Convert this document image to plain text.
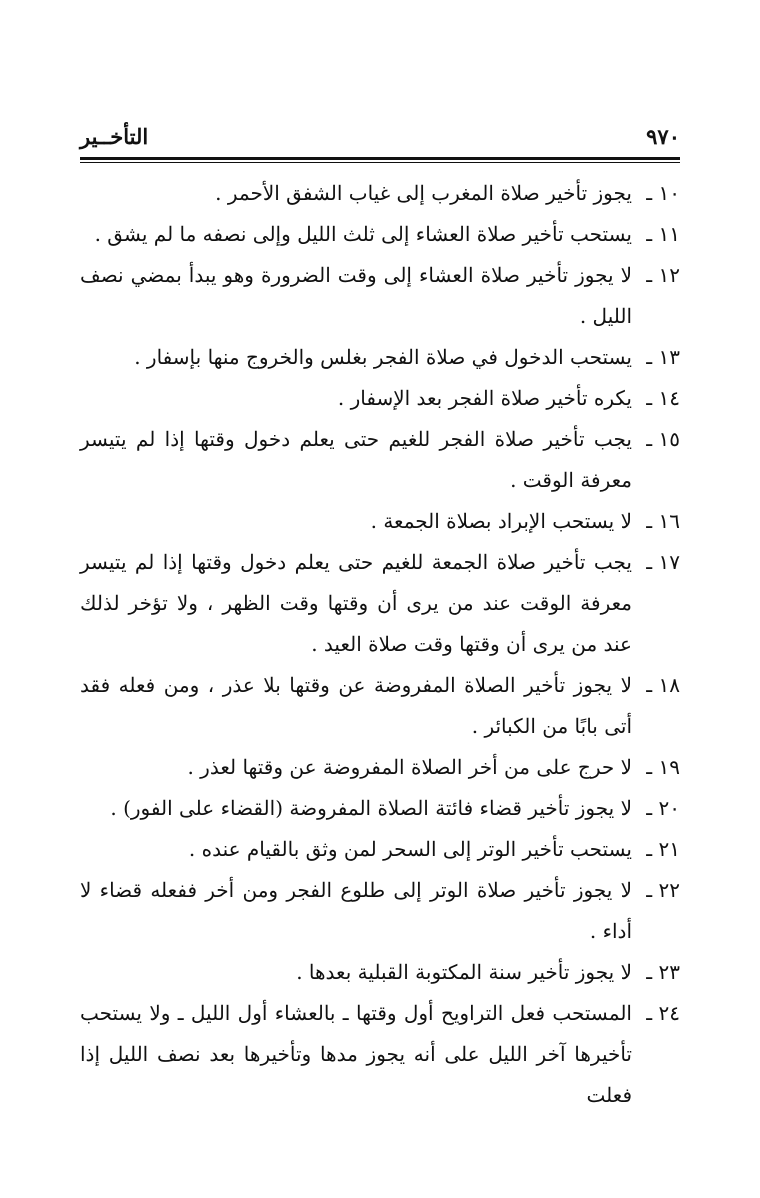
٩٧٠
التأخــير

١٠ ـ
يجوز تأخير صلاة المغرب إلى غياب الشفق الأحمر .

١١ ـ
يستحب تأخير صلاة العشاء إلى ثلث الليل وإلى نصفه ما لم يشق .

١٢ ـ
لا يجوز تأخير صلاة العشاء إلى وقت الضرورة وهو يبدأ بمضي نصف الليل .

١٣ ـ
يستحب الدخول في صلاة الفجر بغلس والخروج منها بإسفار .

١٤ ـ
يكره تأخير صلاة الفجر بعد الإسفار .

١٥ ـ
يجب تأخير صلاة الفجر للغيم حتى يعلم دخول وقتها إذا لم يتيسر معرفة الوقت .

١٦ ـ
لا يستحب الإبراد بصلاة الجمعة .

١٧ ـ
يجب تأخير صلاة الجمعة للغيم حتى يعلم دخول وقتها إذا لم يتيسر معرفة الوقت عند من يرى أن وقتها وقت الظهر ، ولا تؤخر لذلك عند من يرى أن وقتها وقت صلاة العيد .

١٨ ـ
لا يجوز تأخير الصلاة المفروضة عن وقتها بلا عذر ، ومن فعله فقد أتى بابًا من الكبائر .

١٩ ـ
لا حرج على من أخر الصلاة المفروضة عن وقتها لعذر .

٢٠ ـ
لا يجوز تأخير قضاء فائتة الصلاة المفروضة (القضاء على الفور) .

٢١ ـ
يستحب تأخير الوتر إلى السحر لمن وثق بالقيام عنده .

٢٢ ـ
لا يجوز تأخير صلاة الوتر إلى طلوع الفجر ومن أخر ففعله قضاء لا أداء .

٢٣ ـ
لا يجوز تأخير سنة المكتوبة القبلية بعدها .

٢٤ ـ
المستحب فعل التراويح أول وقتها ـ بالعشاء أول الليل ـ ولا يستحب تأخيرها آخر الليل على أنه يجوز مدها وتأخيرها بعد نصف الليل إذا فعلت
